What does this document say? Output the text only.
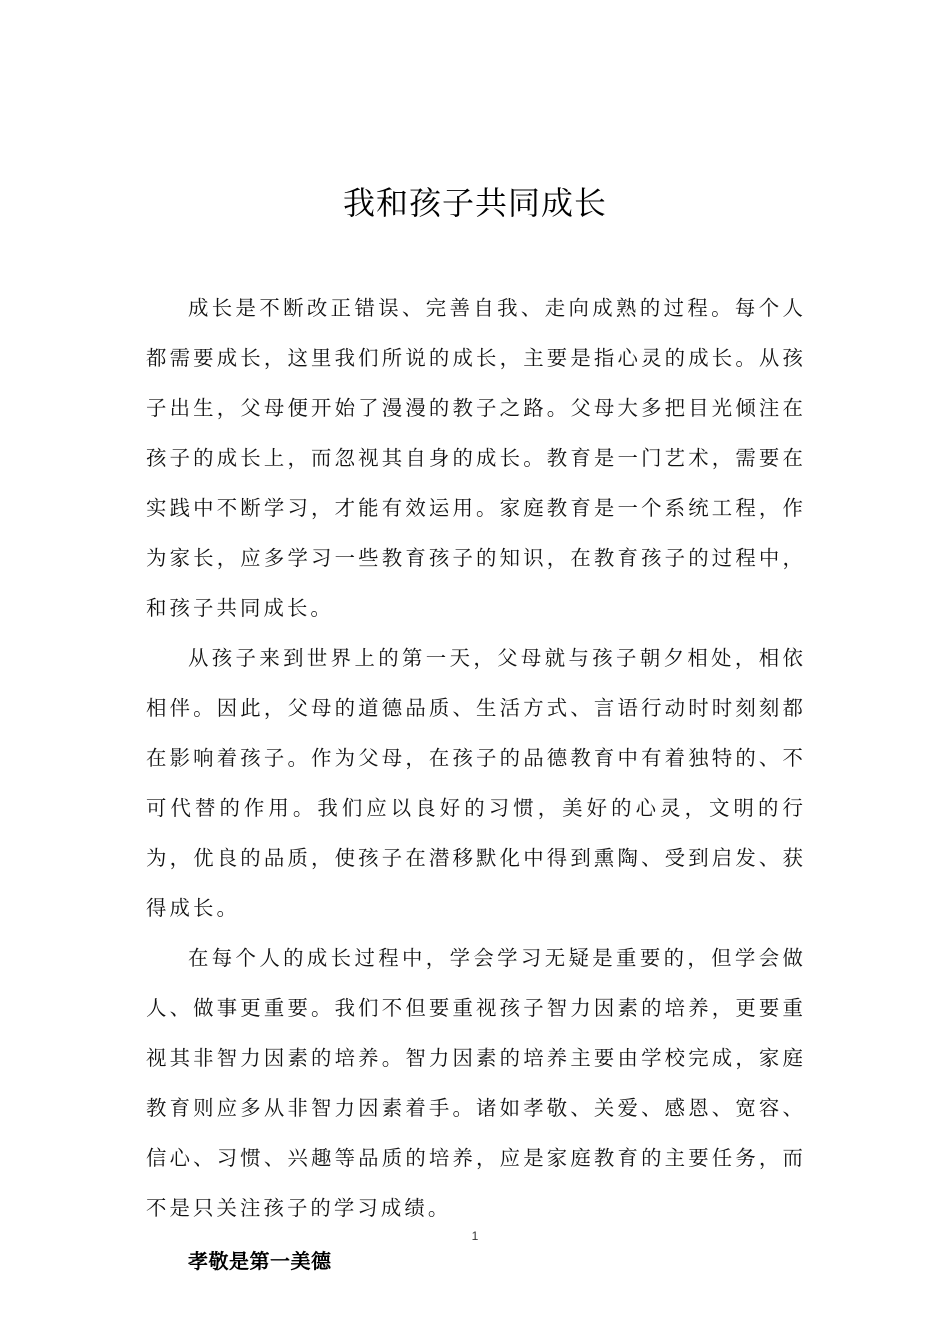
我和孩子共同成长

成长是不断改正错误、完善自我、走向成熟的过程。每个人都需要成长，这里我们所说的成长，主要是指心灵的成长。从孩子出生，父母便开始了漫漫的教子之路。父母大多把目光倾注在孩子的成长上，而忽视其自身的成长。教育是一门艺术，需要在实践中不断学习，才能有效运用。家庭教育是一个系统工程，作为家长，应多学习一些教育孩子的知识，在教育孩子的过程中，和孩子共同成长。

从孩子来到世界上的第一天，父母就与孩子朝夕相处，相依相伴。因此，父母的道德品质、生活方式、言语行动时时刻刻都在影响着孩子。作为父母，在孩子的品德教育中有着独特的、不可代替的作用。我们应以良好的习惯，美好的心灵，文明的行为，优良的品质，使孩子在潜移默化中得到熏陶、受到启发、获得成长。

在每个人的成长过程中，学会学习无疑是重要的，但学会做人、做事更重要。我们不但要重视孩子智力因素的培养，更要重视其非智力因素的培养。智力因素的培养主要由学校完成，家庭教育则应多从非智力因素着手。诸如孝敬、关爱、感恩、宽容、信心、习惯、兴趣等品质的培养，应是家庭教育的主要任务，而不是只关注孩子的学习成绩。

孝敬是第一美德

1
